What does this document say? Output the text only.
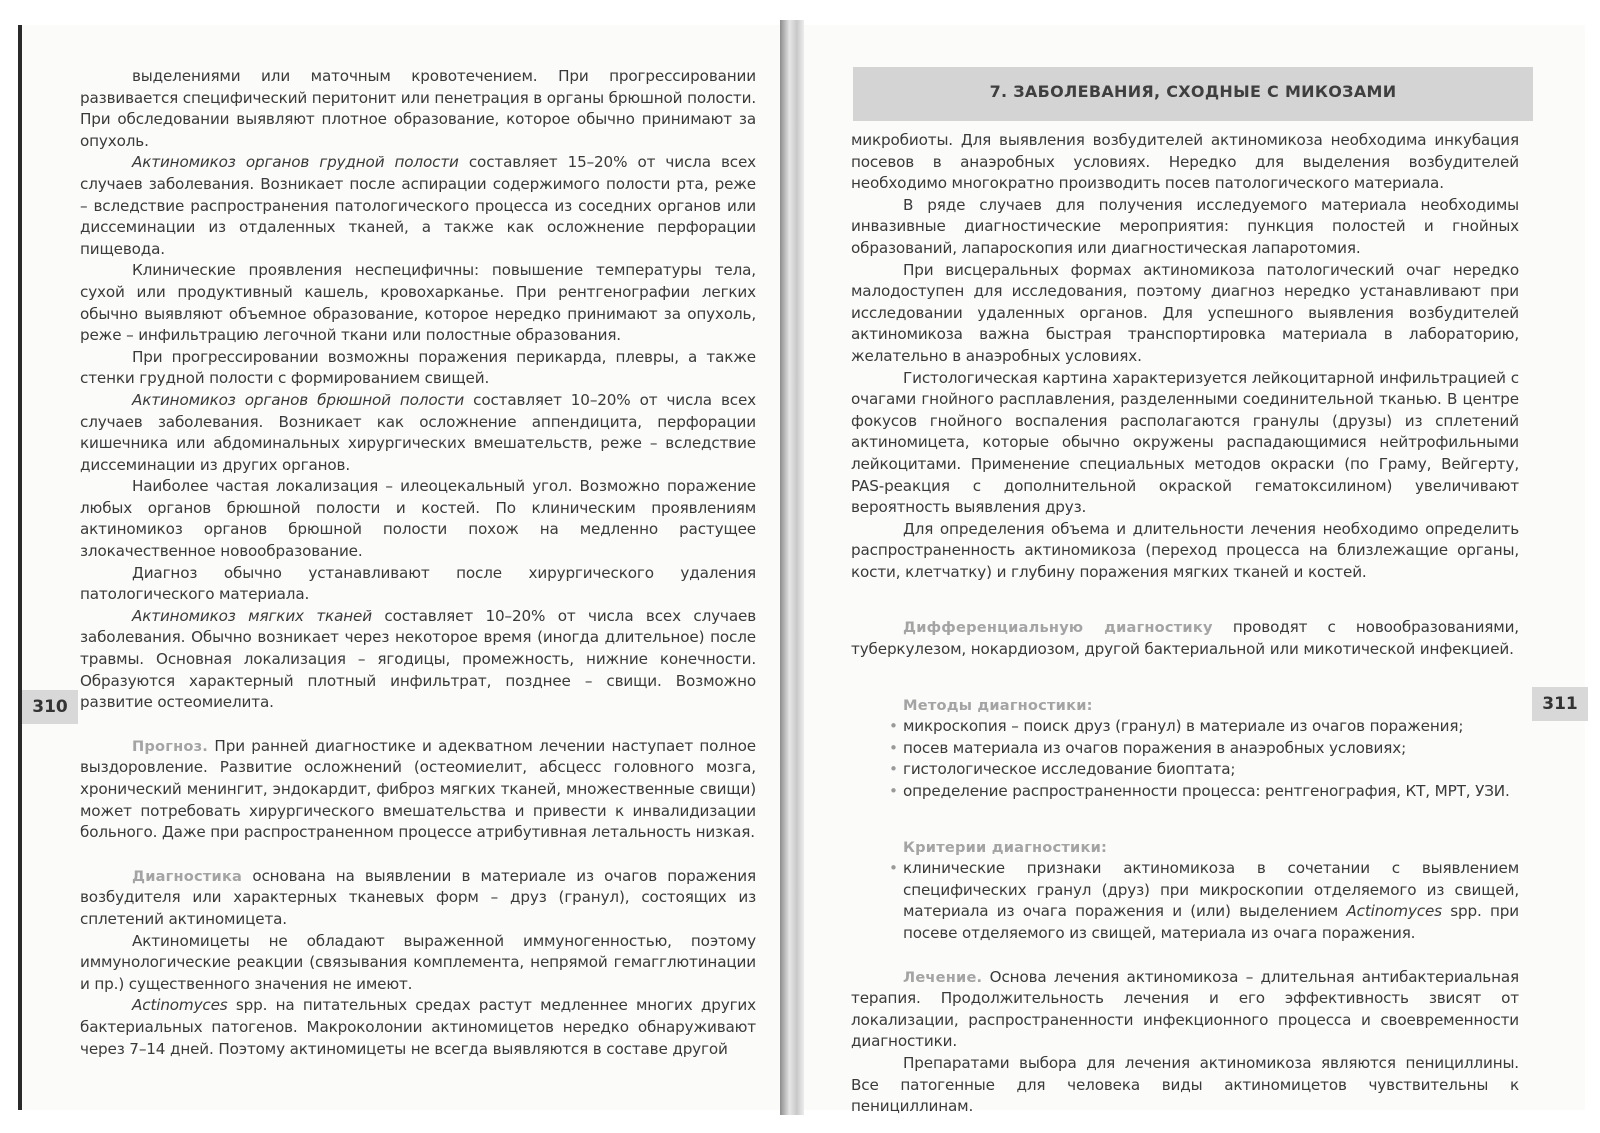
выделениями или маточным кровотечением. При прогрессировании развивается специфический перитонит или пенетрация в органы брюшной полости. При обследовании выявляют плотное образование, которое обычно принимают за опухоль.

Актиномикоз органов грудной полости составляет 15–20% от числа всех случаев заболевания. Возникает после аспирации содержимого полости рта, реже – вследствие распространения патологического процесса из соседних органов или диссеминации из отдаленных тканей, а также как осложнение перфорации пищевода.

Клинические проявления неспецифичны: повышение температуры тела, сухой или продуктивный кашель, кровохарканье. При рентгенографии легких обычно выявляют объемное образование, которое нередко принимают за опухоль, реже – инфильтрацию легочной ткани или полостные образования.

При прогрессировании возможны поражения перикарда, плевры, а также стенки грудной полости с формированием свищей.

Актиномикоз органов брюшной полости составляет 10–20% от числа всех случаев заболевания. Возникает как осложнение аппендицита, перфорации кишечника или абдоминальных хирургических вмешательств, реже – вследствие диссеминации из других органов.

Наиболее частая локализация – илеоцекальный угол. Возможно поражение любых органов брюшной полости и костей. По клиническим проявлениям актиномикоз органов брюшной полости похож на медленно растущее злокачественное новообразование.

Диагноз обычно устанавливают после хирургического удаления патологического материала.

Актиномикоз мягких тканей составляет 10–20% от числа всех случаев заболевания. Обычно возникает через некоторое время (иногда длительное) после травмы. Основная локализация – ягодицы, промежность, нижние конечности. Образуются характерный плотный инфильтрат, позднее – свищи. Возможно развитие остеомиелита.

Прогноз. При ранней диагностике и адекватном лечении наступает полное выздоровление. Развитие осложнений (остеомиелит, абсцесс головного мозга, хронический менингит, эндокардит, фиброз мягких тканей, множественные свищи) может потребовать хирургического вмешательства и привести к инвалидизации больного. Даже при распространенном процессе атрибутивная летальность низкая.

Диагностика основана на выявлении в материале из очагов поражения возбудителя или характерных тканевых форм – друз (гранул), состоящих из сплетений актиномицета.

Актиномицеты не обладают выраженной иммуногенностью, поэтому иммунологические реакции (связывания комплемента, непрямой гемагглютинации и пр.) существенного значения не имеют.

Actinomyces spp. на питательных средах растут медленнее многих других бактериальных патогенов. Макроколонии актиномицетов нередко обнаруживают через 7–14 дней. Поэтому актиномицеты не всегда выявляются в составе другой

7. ЗАБОЛЕВАНИЯ, СХОДНЫЕ С МИКОЗАМИ

микробиоты. Для выявления возбудителей актиномикоза необходима инкубация посевов в анаэробных условиях. Нередко для выделения возбудителей необходимо многократно производить посев патологического материала.

В ряде случаев для получения исследуемого материала необходимы инвазивные диагностические мероприятия: пункция полостей и гнойных образований, лапароскопия или диагностическая лапаротомия.

При висцеральных формах актиномикоза патологический очаг нередко малодоступен для исследования, поэтому диагноз нередко устанавливают при исследовании удаленных органов. Для успешного выявления возбудителей актиномикоза важна быстрая транспортировка материала в лабораторию, желательно в анаэробных условиях.

Гистологическая картина характеризуется лейкоцитарной инфильтрацией с очагами гнойного расплавления, разделенными соединительной тканью. В центре фокусов гнойного воспаления располагаются гранулы (друзы) из сплетений актиномицета, которые обычно окружены распадающимися нейтрофильными лейкоцитами. Применение специальных методов окраски (по Граму, Вейгерту, PAS-реакция с дополнительной окраской гематоксилином) увеличивают вероятность выявления друз.

Для определения объема и длительности лечения необходимо определить распространенность актиномикоза (переход процесса на близлежащие органы, кости, клетчатку) и глубину поражения мягких тканей и костей.

Дифференциальную диагностику проводят с новообразованиями, туберкулезом, нокардиозом, другой бактериальной или микотической инфекцией.

Методы диагностики:

• микроскопия – поиск друз (гранул) в материале из очагов поражения;
• посев материала из очагов поражения в анаэробных условиях;
• гистологическое исследование биоптата;
• определение распространенности процесса: рентгенография, КТ, МРТ, УЗИ.

Критерии диагностики:

• клинические признаки актиномикоза в сочетании с выявлением специфических гранул (друз) при микроскопии отделяемого из свищей, материала из очага поражения и (или) выделением Actinomyces spp. при посеве отделяемого из свищей, материала из очага поражения.

Лечение. Основа лечения актиномикоза – длительная антибактериальная терапия. Продолжительность лечения и его эффективность звисят от локализации, распространенности инфекционного процесса и своевременности диагностики.

Препаратами выбора для лечения актиномикоза являются пенициллины. Все патогенные для человека виды актиномицетов чувствительны к пенициллинам.

310	311
